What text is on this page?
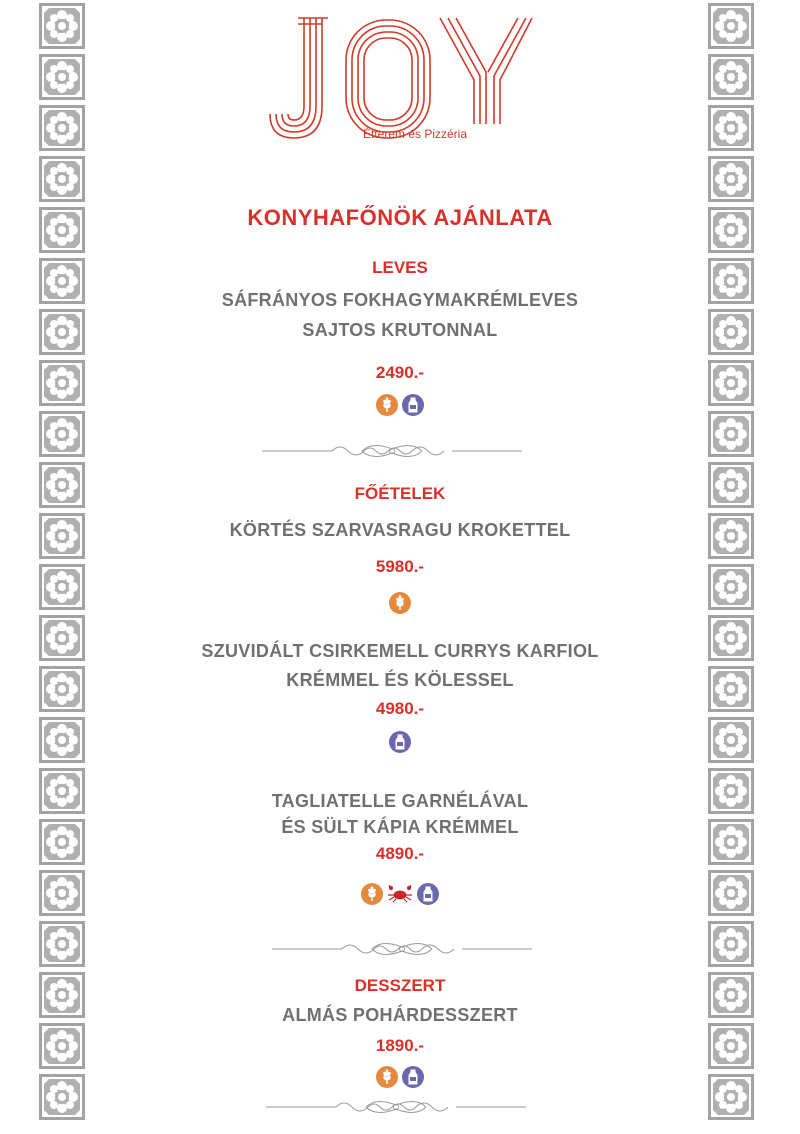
Étterem és Pizzéria
KONYHAFŐNÖK AJÁNLATA
LEVES
SÁFRÁNYOS FOKHAGYMAKRÉMLEVES
SAJTOS KRUTONNAL
2490.-
FŐÉTELEK
KÖRTÉS SZARVASRAGU KROKETTEL
5980.-
SZUVIDÁLT CSIRKEMELL CURRYS KARFIOL
KRÉMMEL ÉS KÖLESSEL
4980.-
TAGLIATELLE GARNÉLÁVAL
ÉS SÜLT KÁPIA KRÉMMEL
4890.-
DESSZERT
ALMÁS POHÁRDESSZERT
1890.-
